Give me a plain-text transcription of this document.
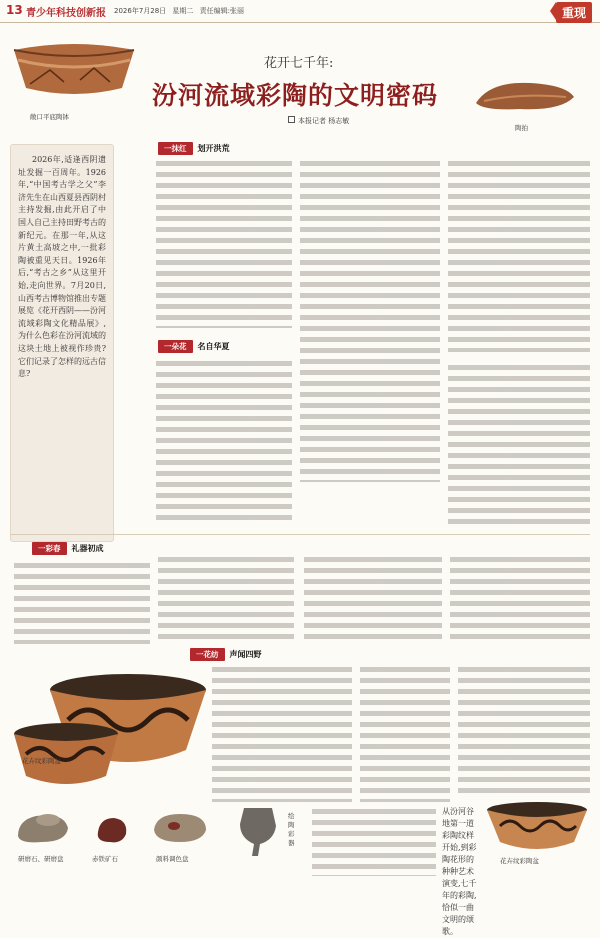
13 青少年科技创新报 2026年7月28日 星期二 责任编辑:张丽	重现
敞口平底陶钵
陶拍
花开七千年:
汾河流域彩陶的文明密码
本报记者 杨志敏
2026年,适逢西阴遗址发掘一百周年。1926年,“中国考古学之父”李济先生在山西夏县西阴村主持发掘,由此开启了中国人自己主持田野考古的新纪元。在那一年,从这片黄土高坡之中,一批彩陶被重见天日。1926年后,“考古之乡”从这里开始,走向世界。7月20日,山西考古博物馆推出专题展览《花开西阴——汾河流域彩陶文化精品展》,为什么色彩在汾河流域的这块土地上被视作珍贵?它们记录了怎样的远古信息?
一抹红 划开洪荒
一朵花 名自华夏
一彩春 礼器初成
一花纺 声闻四野
花卉纹彩陶盆
研磨石、研磨盘	赤铁矿石	颜料调色盘
绘陶彩器
花卉纹彩陶盆
从汾河谷地第一道彩陶纹样开始,到彩陶花形的种种艺术演变,七千年的彩陶,恰似一曲文明的颂歌。
